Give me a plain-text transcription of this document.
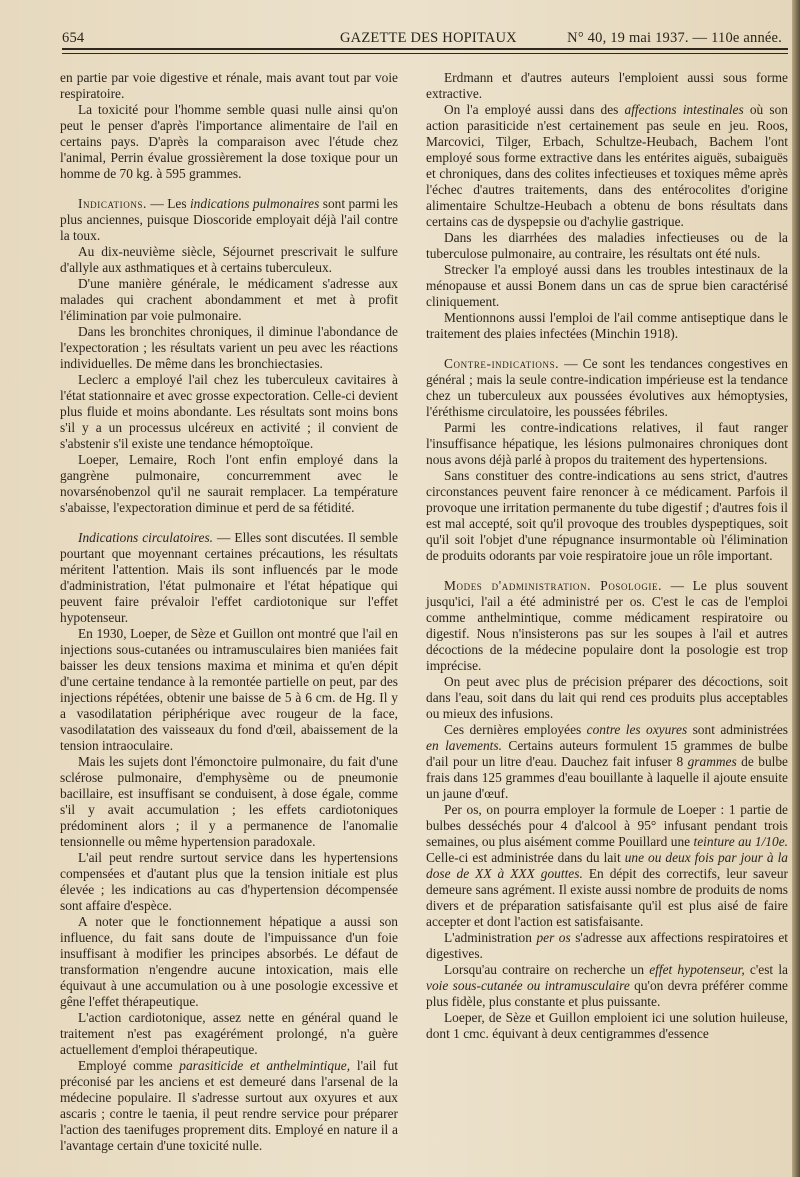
654	GAZETTE DES HOPITAUX	N° 40, 19 mai 1937. — 110e année.

en partie par voie digestive et rénale, mais avant tout par voie respiratoire.

La toxicité pour l'homme semble quasi nulle ainsi qu'on peut le penser d'après l'importance alimentaire de l'ail en certains pays. D'après la comparaison avec l'étude chez l'animal, Perrin évalue grossièrement la dose toxique pour un homme de 70 kg. à 595 grammes.

Indications. — Les indications pulmonaires sont parmi les plus anciennes, puisque Dioscoride employait déjà l'ail contre la toux.

Au dix-neuvième siècle, Séjournet prescrivait le sulfure d'allyle aux asthmatiques et à certains tuberculeux.

D'une manière générale, le médicament s'adresse aux malades qui crachent abondamment et met à profit l'élimination par voie pulmonaire.

Dans les bronchites chroniques, il diminue l'abondance de l'expectoration ; les résultats varient un peu avec les réactions individuelles. De même dans les bronchiectasies.

Leclerc a employé l'ail chez les tuberculeux cavitaires à l'état stationnaire et avec grosse expectoration. Celle-ci devient plus fluide et moins abondante. Les résultats sont moins bons s'il y a un processus ulcéreux en activité ; il convient de s'abstenir s'il existe une tendance hémoptoïque.

Loeper, Lemaire, Roch l'ont enfin employé dans la gangrène pulmonaire, concurremment avec le novarsénobenzol qu'il ne saurait remplacer. La température s'abaisse, l'expectoration diminue et perd de sa fétidité.

Indications circulatoires. — Elles sont discutées. Il semble pourtant que moyennant certaines précautions, les résultats méritent l'attention. Mais ils sont influencés par le mode d'administration, l'état pulmonaire et l'état hépatique qui peuvent faire prévaloir l'effet cardiotonique sur l'effet hypotenseur.

En 1930, Loeper, de Sèze et Guillon ont montré que l'ail en injections sous-cutanées ou intramusculaires bien maniées fait baisser les deux tensions maxima et minima et qu'en dépit d'une certaine tendance à la remontée partielle on peut, par des injections répétées, obtenir une baisse de 5 à 6 cm. de Hg. Il y a vasodilatation périphérique avec rougeur de la face, vasodilatation des vaisseaux du fond d'œil, abaissement de la tension intraoculaire.

Mais les sujets dont l'émonctoire pulmonaire, du fait d'une sclérose pulmonaire, d'emphysème ou de pneumonie bacillaire, est insuffisant se conduisent, à dose égale, comme s'il y avait accumulation ; les effets cardiotoniques prédominent alors ; il y a permanence de l'anomalie tensionnelle ou même hypertension paradoxale.

L'ail peut rendre surtout service dans les hypertensions compensées et d'autant plus que la tension initiale est plus élevée ; les indications au cas d'hypertension décompensée sont affaire d'espèce.

A noter que le fonctionnement hépatique a aussi son influence, du fait sans doute de l'impuissance d'un foie insuffisant à modifier les principes absorbés. Le défaut de transformation n'engendre aucune intoxication, mais elle équivaut à une accumulation ou à une posologie excessive et gêne l'effet thérapeutique.

L'action cardiotonique, assez nette en général quand le traitement n'est pas exagérément prolongé, n'a guère actuellement d'emploi thérapeutique.

Employé comme parasiticide et anthelmintique, l'ail fut préconisé par les anciens et est demeuré dans l'arsenal de la médecine populaire. Il s'adresse surtout aux oxyures et aux ascaris ; contre le taenia, il peut rendre service pour préparer l'action des taenifuges proprement dits. Employé en nature il a l'avantage certain d'une toxicité nulle.

Erdmann et d'autres auteurs l'emploient aussi sous forme extractive.

On l'a employé aussi dans des affections intestinales où son action parasiticide n'est certainement pas seule en jeu. Roos, Marcovici, Tilger, Erbach, Schultze-Heubach, Bachem l'ont employé sous forme extractive dans les entérites aiguës, subaiguës et chroniques, dans des colites infectieuses et toxiques même après l'échec d'autres traitements, dans des entérocolites d'origine alimentaire Schultze-Heubach a obtenu de bons résultats dans certains cas de dyspepsie ou d'achylie gastrique.

Dans les diarrhées des maladies infectieuses ou de la tuberculose pulmonaire, au contraire, les résultats ont été nuls.

Strecker l'a employé aussi dans les troubles intestinaux de la ménopause et aussi Bonem dans un cas de sprue bien caractérisé cliniquement.

Mentionnons aussi l'emploi de l'ail comme antiseptique dans le traitement des plaies infectées (Minchin 1918).

Contre-indications. — Ce sont les tendances congestives en général ; mais la seule contre-indication impérieuse est la tendance chez un tuberculeux aux poussées évolutives aux hémoptysies, l'éréthisme circulatoire, les poussées fébriles.

Parmi les contre-indications relatives, il faut ranger l'insuffisance hépatique, les lésions pulmonaires chroniques dont nous avons déjà parlé à propos du traitement des hypertensions.

Sans constituer des contre-indications au sens strict, d'autres circonstances peuvent faire renoncer à ce médicament. Parfois il provoque une irritation permanente du tube digestif ; d'autres fois il est mal accepté, soit qu'il provoque des troubles dyspeptiques, soit qu'il soit l'objet d'une répugnance insurmontable où l'élimination de produits odorants par voie respiratoire joue un rôle important.

Modes d'administration. Posologie. — Le plus souvent jusqu'ici, l'ail a été administré per os. C'est le cas de l'emploi comme anthelmintique, comme médicament respiratoire ou digestif. Nous n'insisterons pas sur les soupes à l'ail et autres décoctions de la médecine populaire dont la posologie est trop imprécise.

On peut avec plus de précision préparer des décoctions, soit dans l'eau, soit dans du lait qui rend ces produits plus acceptables ou mieux des infusions.

Ces dernières employées contre les oxyures sont administrées en lavements. Certains auteurs formulent 15 grammes de bulbe d'ail pour un litre d'eau. Dauchez fait infuser 8 grammes de bulbe frais dans 125 grammes d'eau bouillante à laquelle il ajoute ensuite un jaune d'œuf.

Per os, on pourra employer la formule de Loeper : 1 partie de bulbes desséchés pour 4 d'alcool à 95° infusant pendant trois semaines, ou plus aisément comme Pouillard une teinture au 1/10e. Celle-ci est administrée dans du lait une ou deux fois par jour à la dose de XX à XXX gouttes. En dépit des correctifs, leur saveur demeure sans agrément. Il existe aussi nombre de produits de noms divers et de préparation satisfaisante qu'il est plus aisé de faire accepter et dont l'action est satisfaisante.

L'administration per os s'adresse aux affections respiratoires et digestives.

Lorsqu'au contraire on recherche un effet hypotenseur, c'est la voie sous-cutanée ou intramusculaire qu'on devra préférer comme plus fidèle, plus constante et plus puissante.

Loeper, de Sèze et Guillon emploient ici une solution huileuse, dont 1 cmc. équivant à deux centigrammes d'essence
